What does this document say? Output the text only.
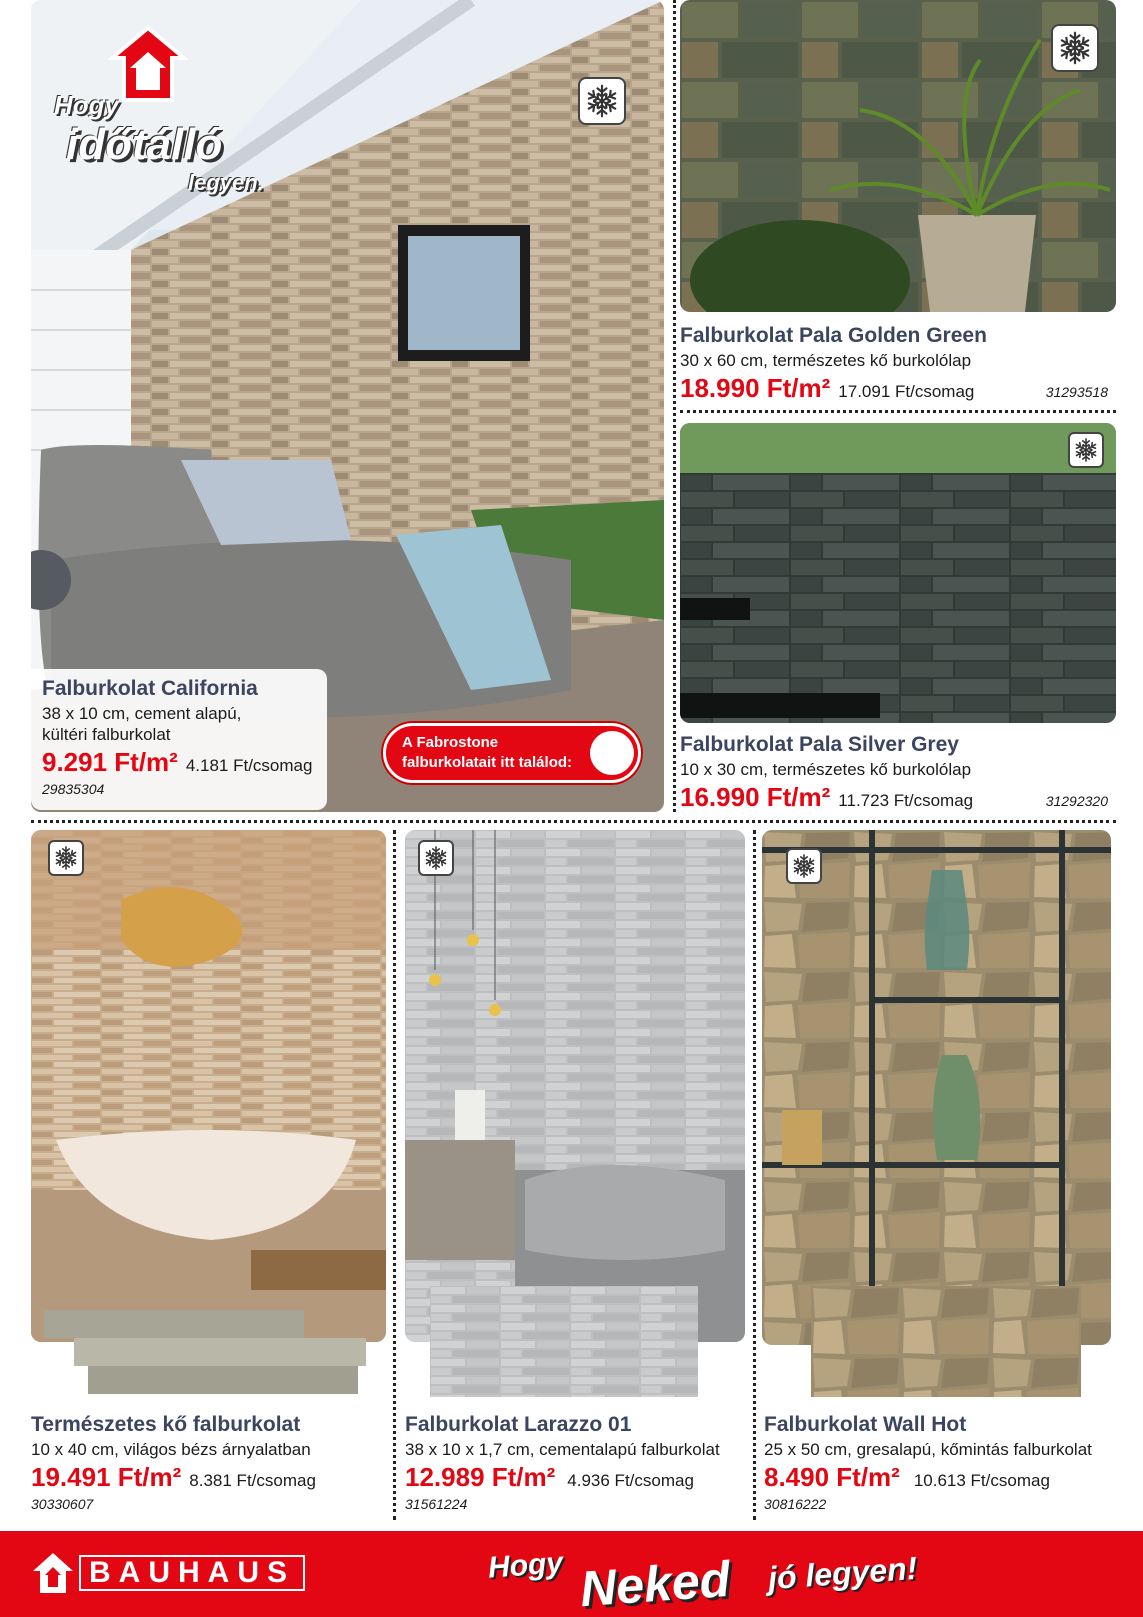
Hogy
időtálló
legyen.
Falburkolat California
38 x 10 cm, cement alapú,
kültéri falburkolat
9.291 Ft/m² 4.181 Ft/csomag
29835304
A Fabrostone
falburkolatait itt találod:
Falburkolat Pala Golden Green
30 x 60 cm, természetes kő burkolólap
18.990 Ft/m² 17.091 Ft/csomag	31293518
Falburkolat Pala Silver Grey
10 x 30 cm, természetes kő burkolólap
16.990 Ft/m² 11.723 Ft/csomag	31292320
Természetes kő falburkolat
10 x 40 cm, világos bézs árnyalatban
19.491 Ft/m² 8.381 Ft/csomag
30330607
Falburkolat Larazzo 01
38 x 10 x 1,7 cm, cementalapú falburkolat
12.989 Ft/m² 4.936 Ft/csomag
31561224
Falburkolat Wall Hot
25 x 50 cm, gresalapú, kőmintás falburkolat
8.490 Ft/m² 10.613 Ft/csomag
30816222
BAUHAUS	Hogy Neked jó legyen!
